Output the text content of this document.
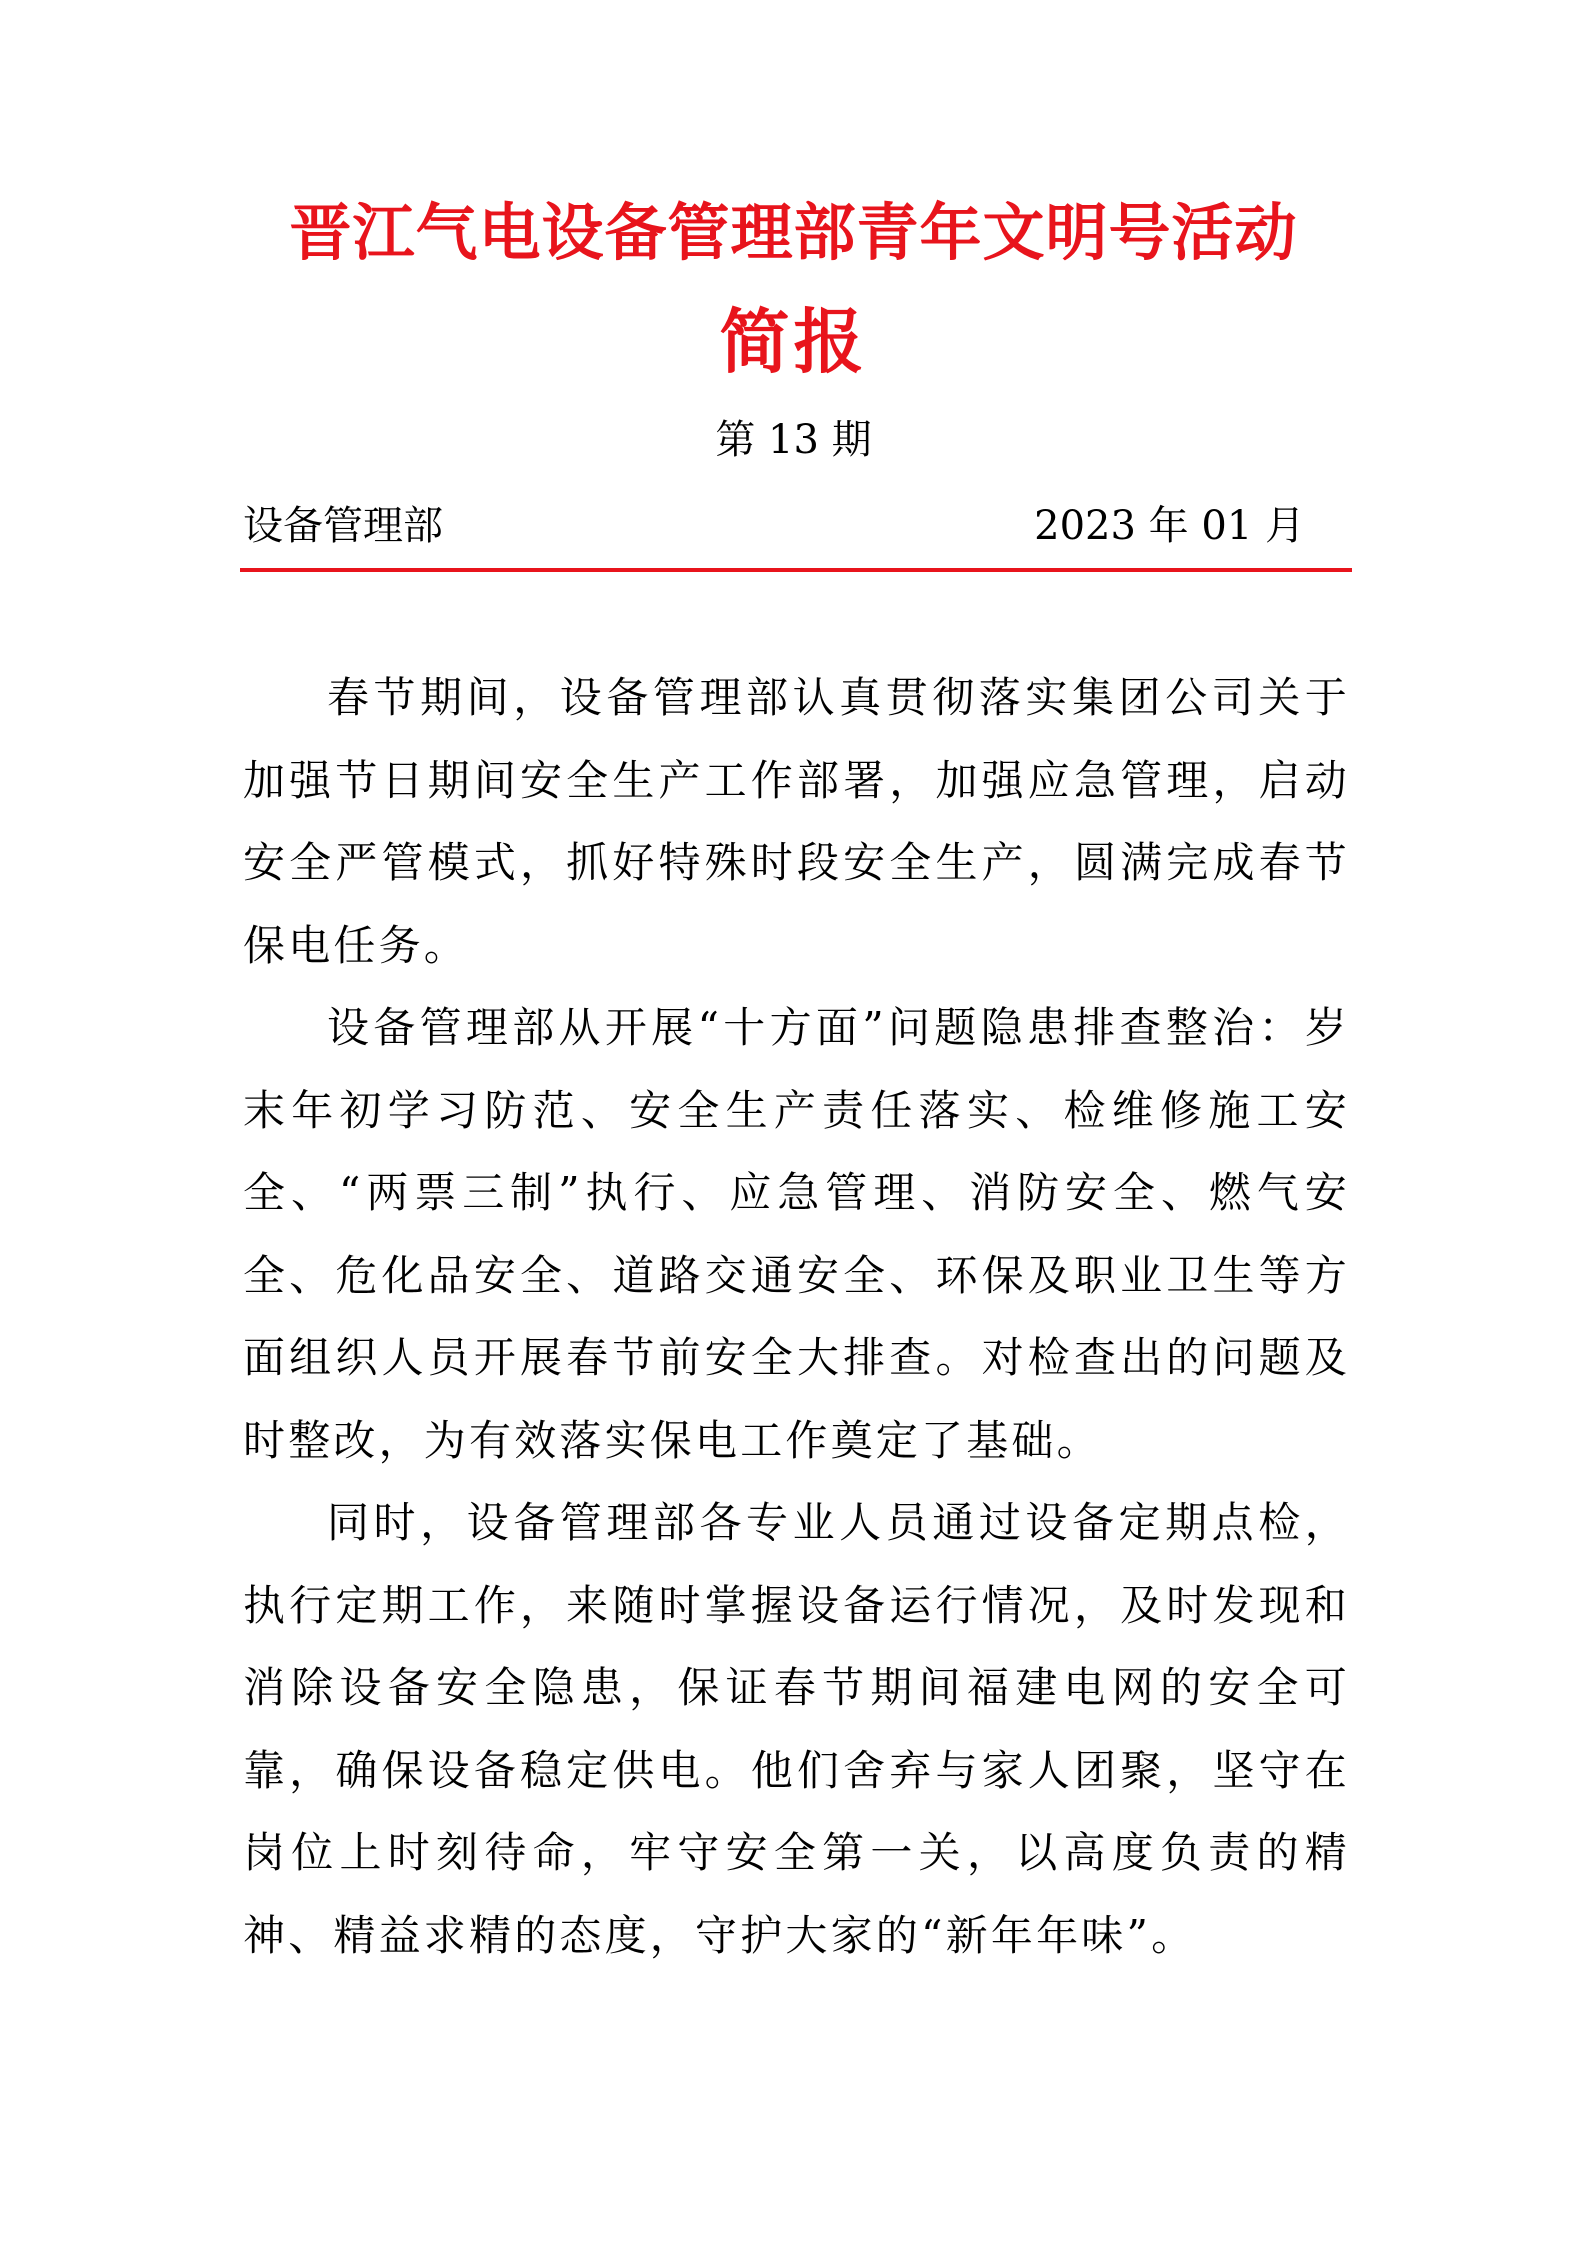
晋江气电设备管理部青年文明号活动
简报
第 13 期
设备管理部	2023 年 01 月

春节期间，设备管理部认真贯彻落实集团公司关于加强节日期间安全生产工作部署，加强应急管理，启动安全严管模式，抓好特殊时段安全生产，圆满完成春节保电任务。

设备管理部从开展“十方面”问题隐患排查整治：岁末年初学习防范、安全生产责任落实、检维修施工安全、“两票三制”执行、应急管理、消防安全、燃气安全、危化品安全、道路交通安全、环保及职业卫生等方面组织人员开展春节前安全大排查。对检查出的问题及时整改，为有效落实保电工作奠定了基础。

同时，设备管理部各专业人员通过设备定期点检，执行定期工作，来随时掌握设备运行情况，及时发现和消除设备安全隐患，保证春节期间福建电网的安全可靠，确保设备稳定供电。他们舍弃与家人团聚，坚守在岗位上时刻待命，牢守安全第一关，以高度负责的精神、精益求精的态度，守护大家的“新年年味”。
